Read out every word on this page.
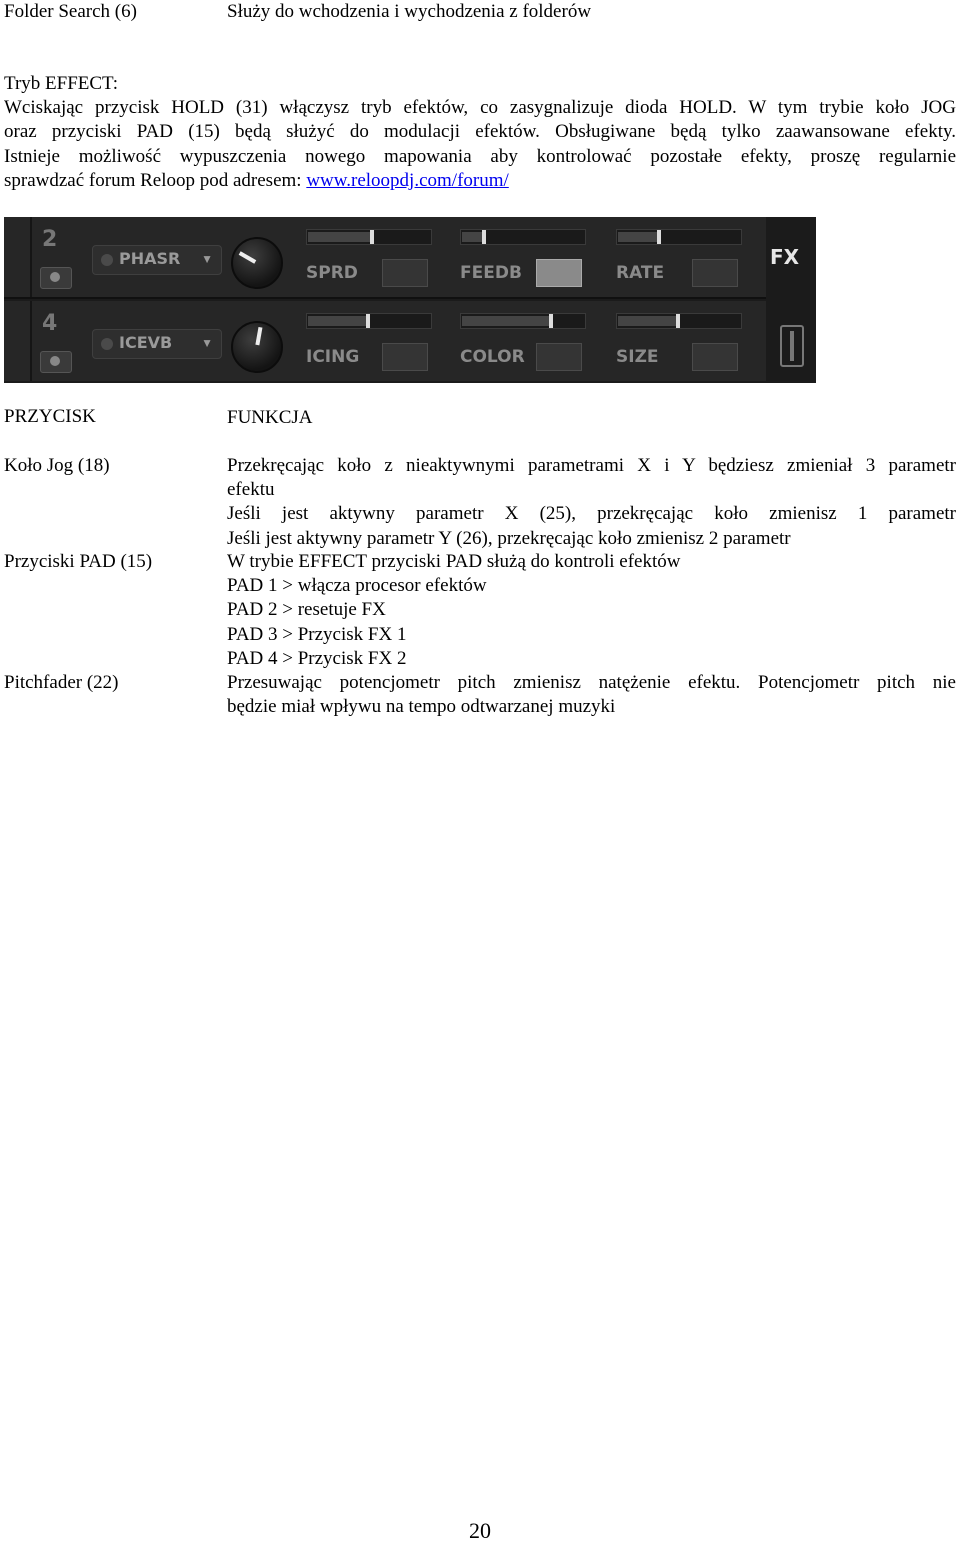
Folder Search (6)	Służy do wchodzenia i wychodzenia z folderów
Tryb EFFECT:
Wciskając przycisk HOLD (31) włączysz tryb efektów, co zasygnalizuje dioda HOLD. W tym trybie koło JOG
oraz przyciski PAD (15) będą służyć do modulacji efektów. Obsługiwane będą tylko zaawansowane efekty.
Istnieje możliwość wypuszczenia nowego mapowania aby kontrolować pozostałe efekty, proszę regularnie
sprawdzać forum Reloop pod adresem: www.reloopdj.com/forum/
2
PHASR ▼
SPRD	FEEDB	RATE
4
ICEVB ▼
ICING	COLOR	SIZE
FX
PRZYCISK	FUNKCJA
Koło Jog (18)	Przekręcając koło z nieaktywnymi parametrami X i Y będziesz zmieniał 3 parametr
efektu
Jeśli jest aktywny parametr X (25), przekręcając koło zmienisz 1 parametr
Jeśli jest aktywny parametr Y (26), przekręcając koło zmienisz 2 parametr
Przyciski PAD (15)	W trybie EFFECT przyciski PAD służą do kontroli efektów
PAD 1 > włącza procesor efektów
PAD 2 > resetuje FX
PAD 3 > Przycisk FX 1
PAD 4 > Przycisk FX 2
Pitchfader (22)	Przesuwając potencjometr pitch zmienisz natężenie efektu. Potencjometr pitch nie
będzie miał wpływu na tempo odtwarzanej muzyki
20
